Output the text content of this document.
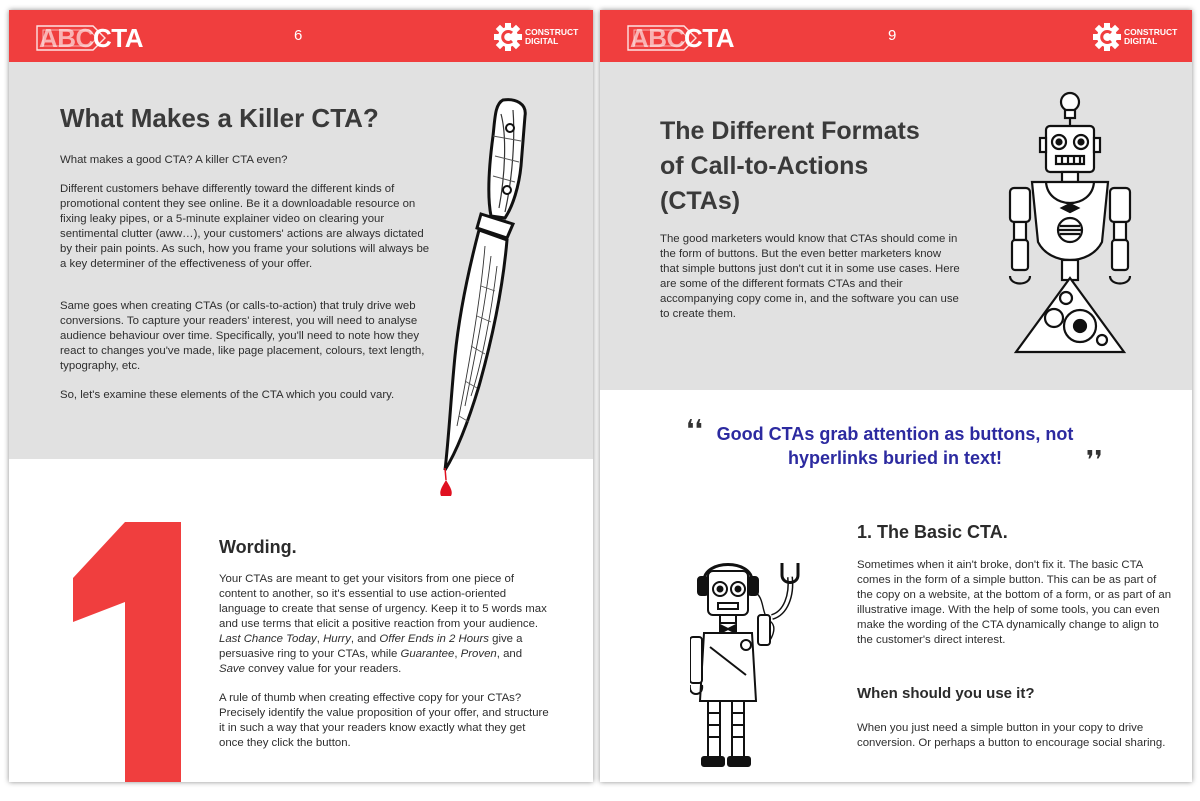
ABC CTA	6	CONSTRUCT DIGITAL
What Makes a Killer CTA?

What makes a good CTA? A killer CTA even?

Different customers behave differently toward the different kinds of promotional content they see online. Be it a downloadable resource on fixing leaky pipes, or a 5-minute explainer video on clearing your sentimental clutter (aww…), your customers' actions are always dictated by their pain points. As such, how you frame your solutions will always be a key determiner of the effectiveness of your offer.

Same goes when creating CTAs (or calls-to-action) that truly drive web conversions. To capture your readers' interest, you will need to analyse audience behaviour over time. Specifically, you'll need to note how they react to changes you've made, like page placement, colours, text length, typography, etc.

So, let's examine these elements of the CTA which you could vary.

1
Wording.

Your CTAs are meant to get your visitors from one piece of content to another, so it's essential to use action-oriented language to create that sense of urgency. Keep it to 5 words max and use terms that elicit a positive reaction from your audience. Last Chance Today, Hurry, and Offer Ends in 2 Hours give a persuasive ring to your CTAs, while Guarantee, Proven, and Save convey value for your readers.

A rule of thumb when creating effective copy for your CTAs? Precisely identify the value proposition of your offer, and structure it in such a way that your readers know exactly what they get once they click the button.

ABC CTA	9	CONSTRUCT DIGITAL
The Different Formats of Call-to-Actions (CTAs)

The good marketers would know that CTAs should come in the form of buttons. But the even better marketers know that simple buttons just don't cut it in some use cases. Here are some of the different formats CTAs and their accompanying copy come in, and the software you can use to create them.

❛❛ Good CTAs grab attention as buttons, not hyperlinks buried in text!	❜❜
1. The Basic CTA.

Sometimes when it ain't broke, don't fix it. The basic CTA comes in the form of a simple button. This can be as part of the copy on a website, at the bottom of a form, or as part of an illustrative image. With the help of some tools, you can even make the wording of the CTA dynamically change to align to the customer's direct interest.

When should you use it?

When you just need a simple button in your copy to drive conversion. Or perhaps a button to encourage social sharing.
